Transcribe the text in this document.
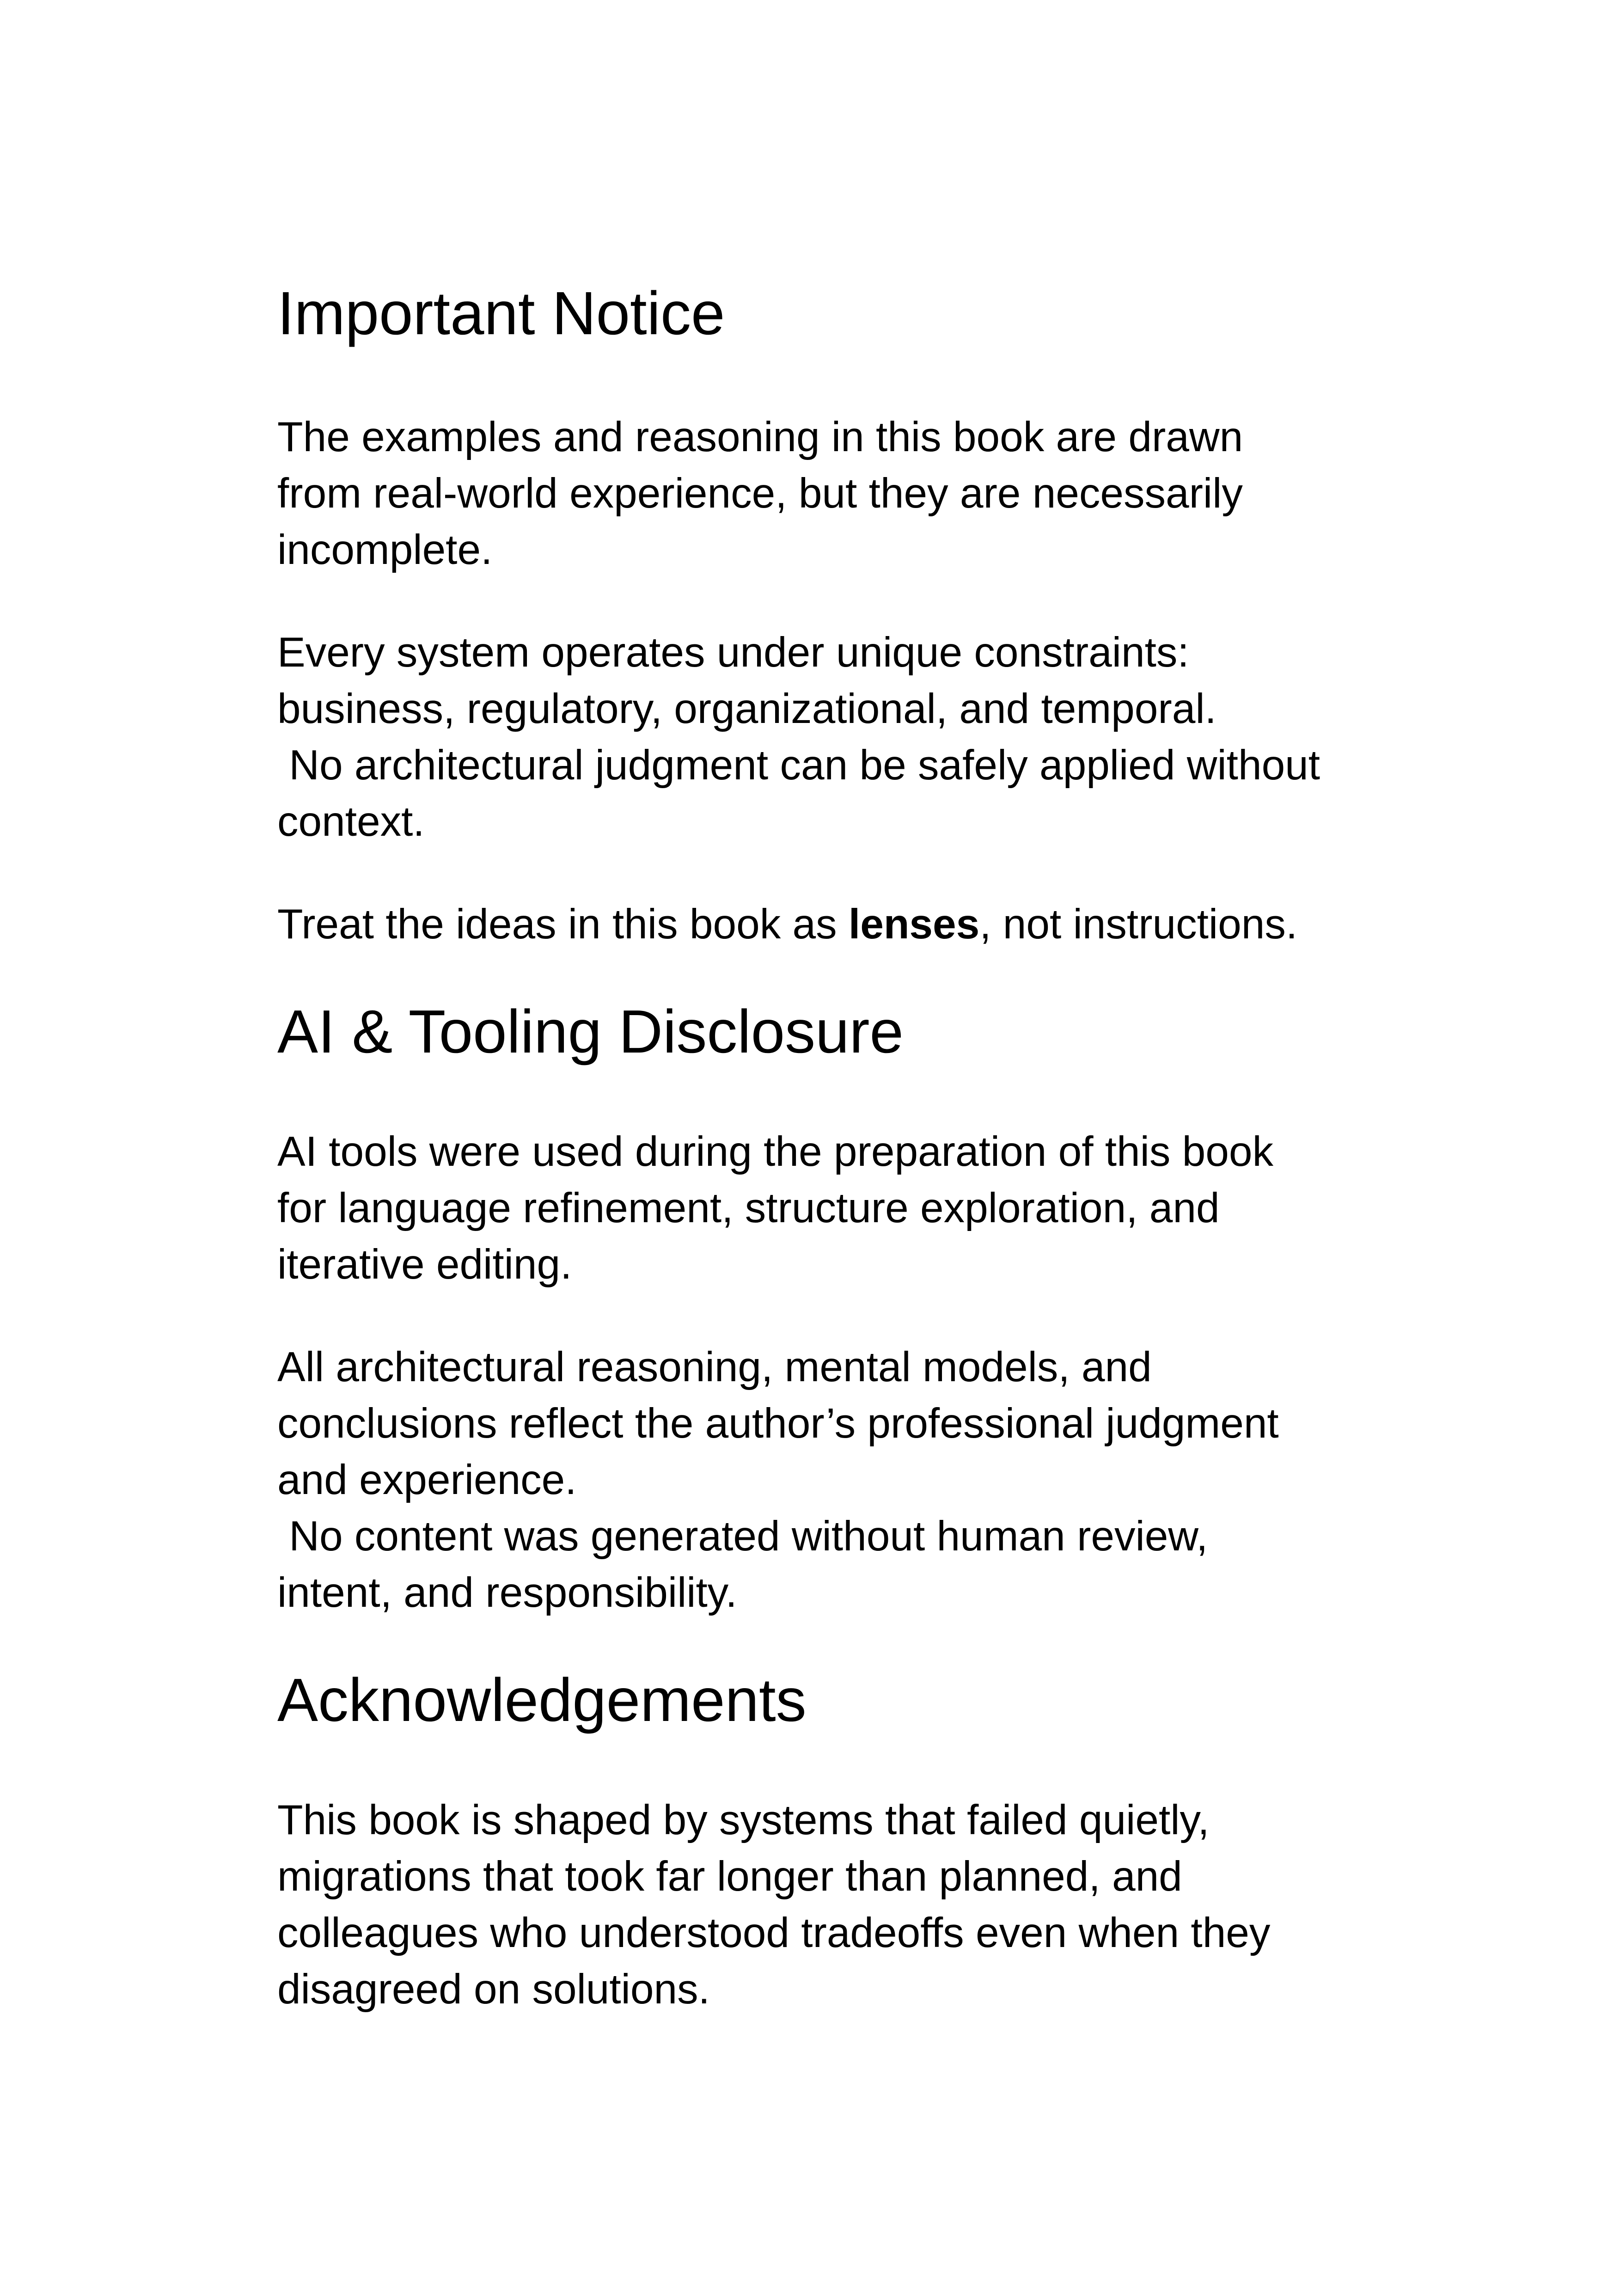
Important Notice

The examples and reasoning in this book are drawn

from real-world experience, but they are necessarily

incomplete.

Every system operates under unique constraints:

business, regulatory, organizational, and temporal.

No architectural judgment can be safely applied without

context.

Treat the ideas in this book as lenses, not instructions.

AI & Tooling Disclosure

AI tools were used during the preparation of this book

for language refinement, structure exploration, and

iterative editing.

All architectural reasoning, mental models, and

conclusions reflect the author’s professional judgment

and experience.

No content was generated without human review,

intent, and responsibility.

Acknowledgements

This book is shaped by systems that failed quietly,

migrations that took far longer than planned, and

colleagues who understood tradeoffs even when they

disagreed on solutions.
